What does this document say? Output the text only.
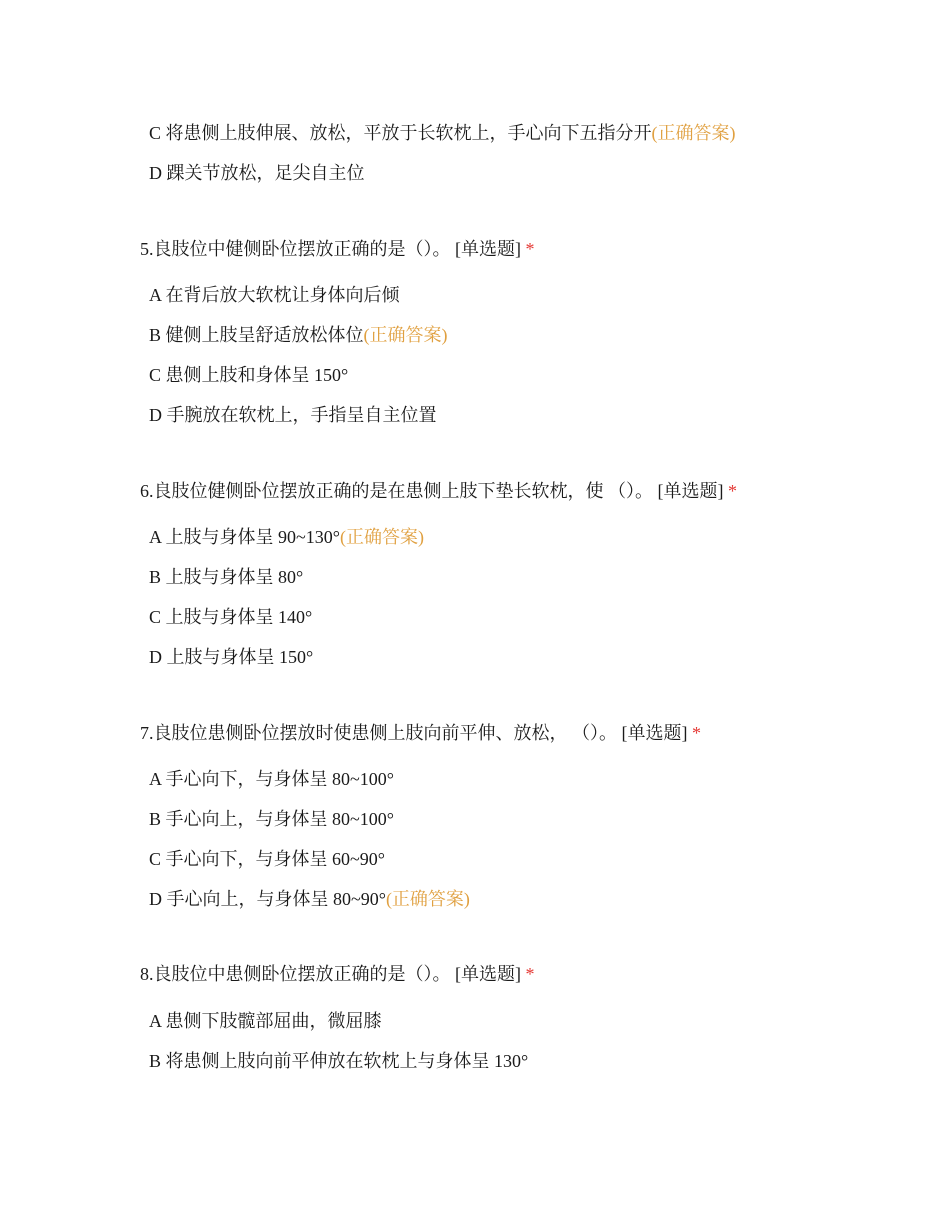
C 将患侧上肢伸展、放松，平放于长软枕上，手心向下五指分开(正确答案)
D 踝关节放松，足尖自主位
5.良肢位中健侧卧位摆放正确的是（）。 [单选题] *
A 在背后放大软枕让身体向后倾
B 健侧上肢呈舒适放松体位(正确答案)
C 患侧上肢和身体呈 150°
D 手腕放在软枕上，手指呈自主位置
6.良肢位健侧卧位摆放正确的是在患侧上肢下垫长软枕，使 （）。 [单选题] *
A 上肢与身体呈 90~130°(正确答案)
B 上肢与身体呈 80°
C 上肢与身体呈 140°
D 上肢与身体呈 150°
7.良肢位患侧卧位摆放时使患侧上肢向前平伸、放松， （）。 [单选题] *
A 手心向下，与身体呈 80~100°
B 手心向上，与身体呈 80~100°
C 手心向下，与身体呈 60~90°
D 手心向上，与身体呈 80~90°(正确答案)
8.良肢位中患侧卧位摆放正确的是（）。 [单选题] *
A 患侧下肢髋部屈曲，微屈膝
B 将患侧上肢向前平伸放在软枕上与身体呈 130°
